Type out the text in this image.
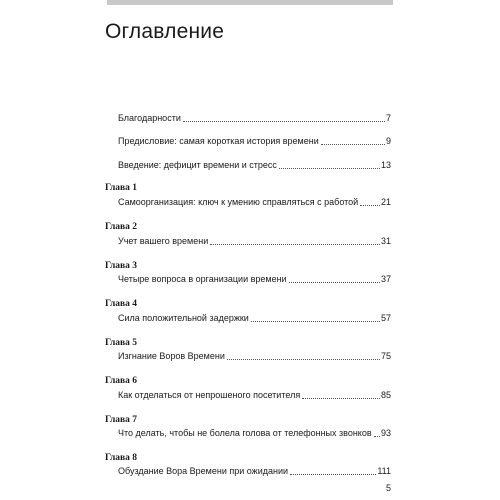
Оглавление
Благодарности	7
Предисловие: самая короткая история времени	9
Введение: дефицит времени и стресс	13
Глава 1
Самоорганизация: ключ к умению справляться с работой	21
Глава 2
Учет вашего времени	31
Глава 3
Четыре вопроса в организации времени	37
Глава 4
Сила положительной задержки	57
Глава 5
Изгнание Воров Времени	75
Глава 6
Как отделаться от непрошеного посетителя	85
Глава 7
Что делать, чтобы не болела голова от телефонных звонков 93
Глава 8
Обуздание Вора Времени при ожидании	111
5
